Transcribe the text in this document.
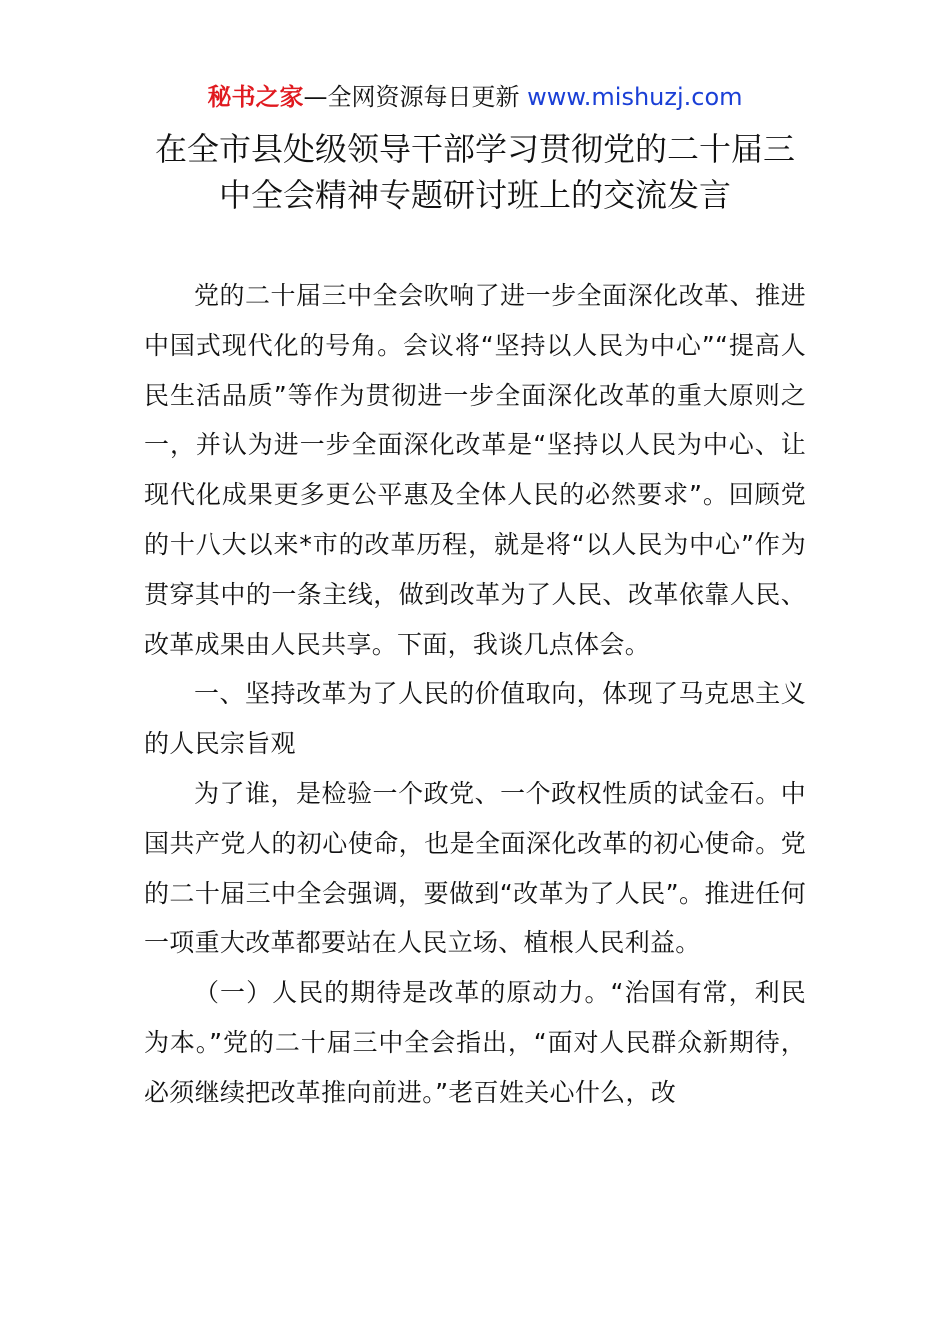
秘书之家—全网资源每日更新 www.mishuzj.com
在全市县处级领导干部学习贯彻党的二十届三
中全会精神专题研讨班上的交流发言

党的二十届三中全会吹响了进一步全面深化改革、推进中国式现代化的号角。会议将“坚持以人民为中心”“提高人民生活品质”等作为贯彻进一步全面深化改革的重大原则之一，并认为进一步全面深化改革是“坚持以人民为中心、让现代化成果更多更公平惠及全体人民的必然要求”。回顾党的十八大以来*市的改革历程，就是将“以人民为中心”作为贯穿其中的一条主线，做到改革为了人民、改革依靠人民、改革成果由人民共享。下面，我谈几点体会。

一、坚持改革为了人民的价值取向，体现了马克思主义的人民宗旨观

为了谁，是检验一个政党、一个政权性质的试金石。中国共产党人的初心使命，也是全面深化改革的初心使命。党的二十届三中全会强调，要做到“改革为了人民”。推进任何一项重大改革都要站在人民立场、植根人民利益。

（一）人民的期待是改革的原动力。“治国有常，利民为本。”党的二十届三中全会指出，“面对人民群众新期待，必须继续把改革推向前进。”老百姓关心什么，改
